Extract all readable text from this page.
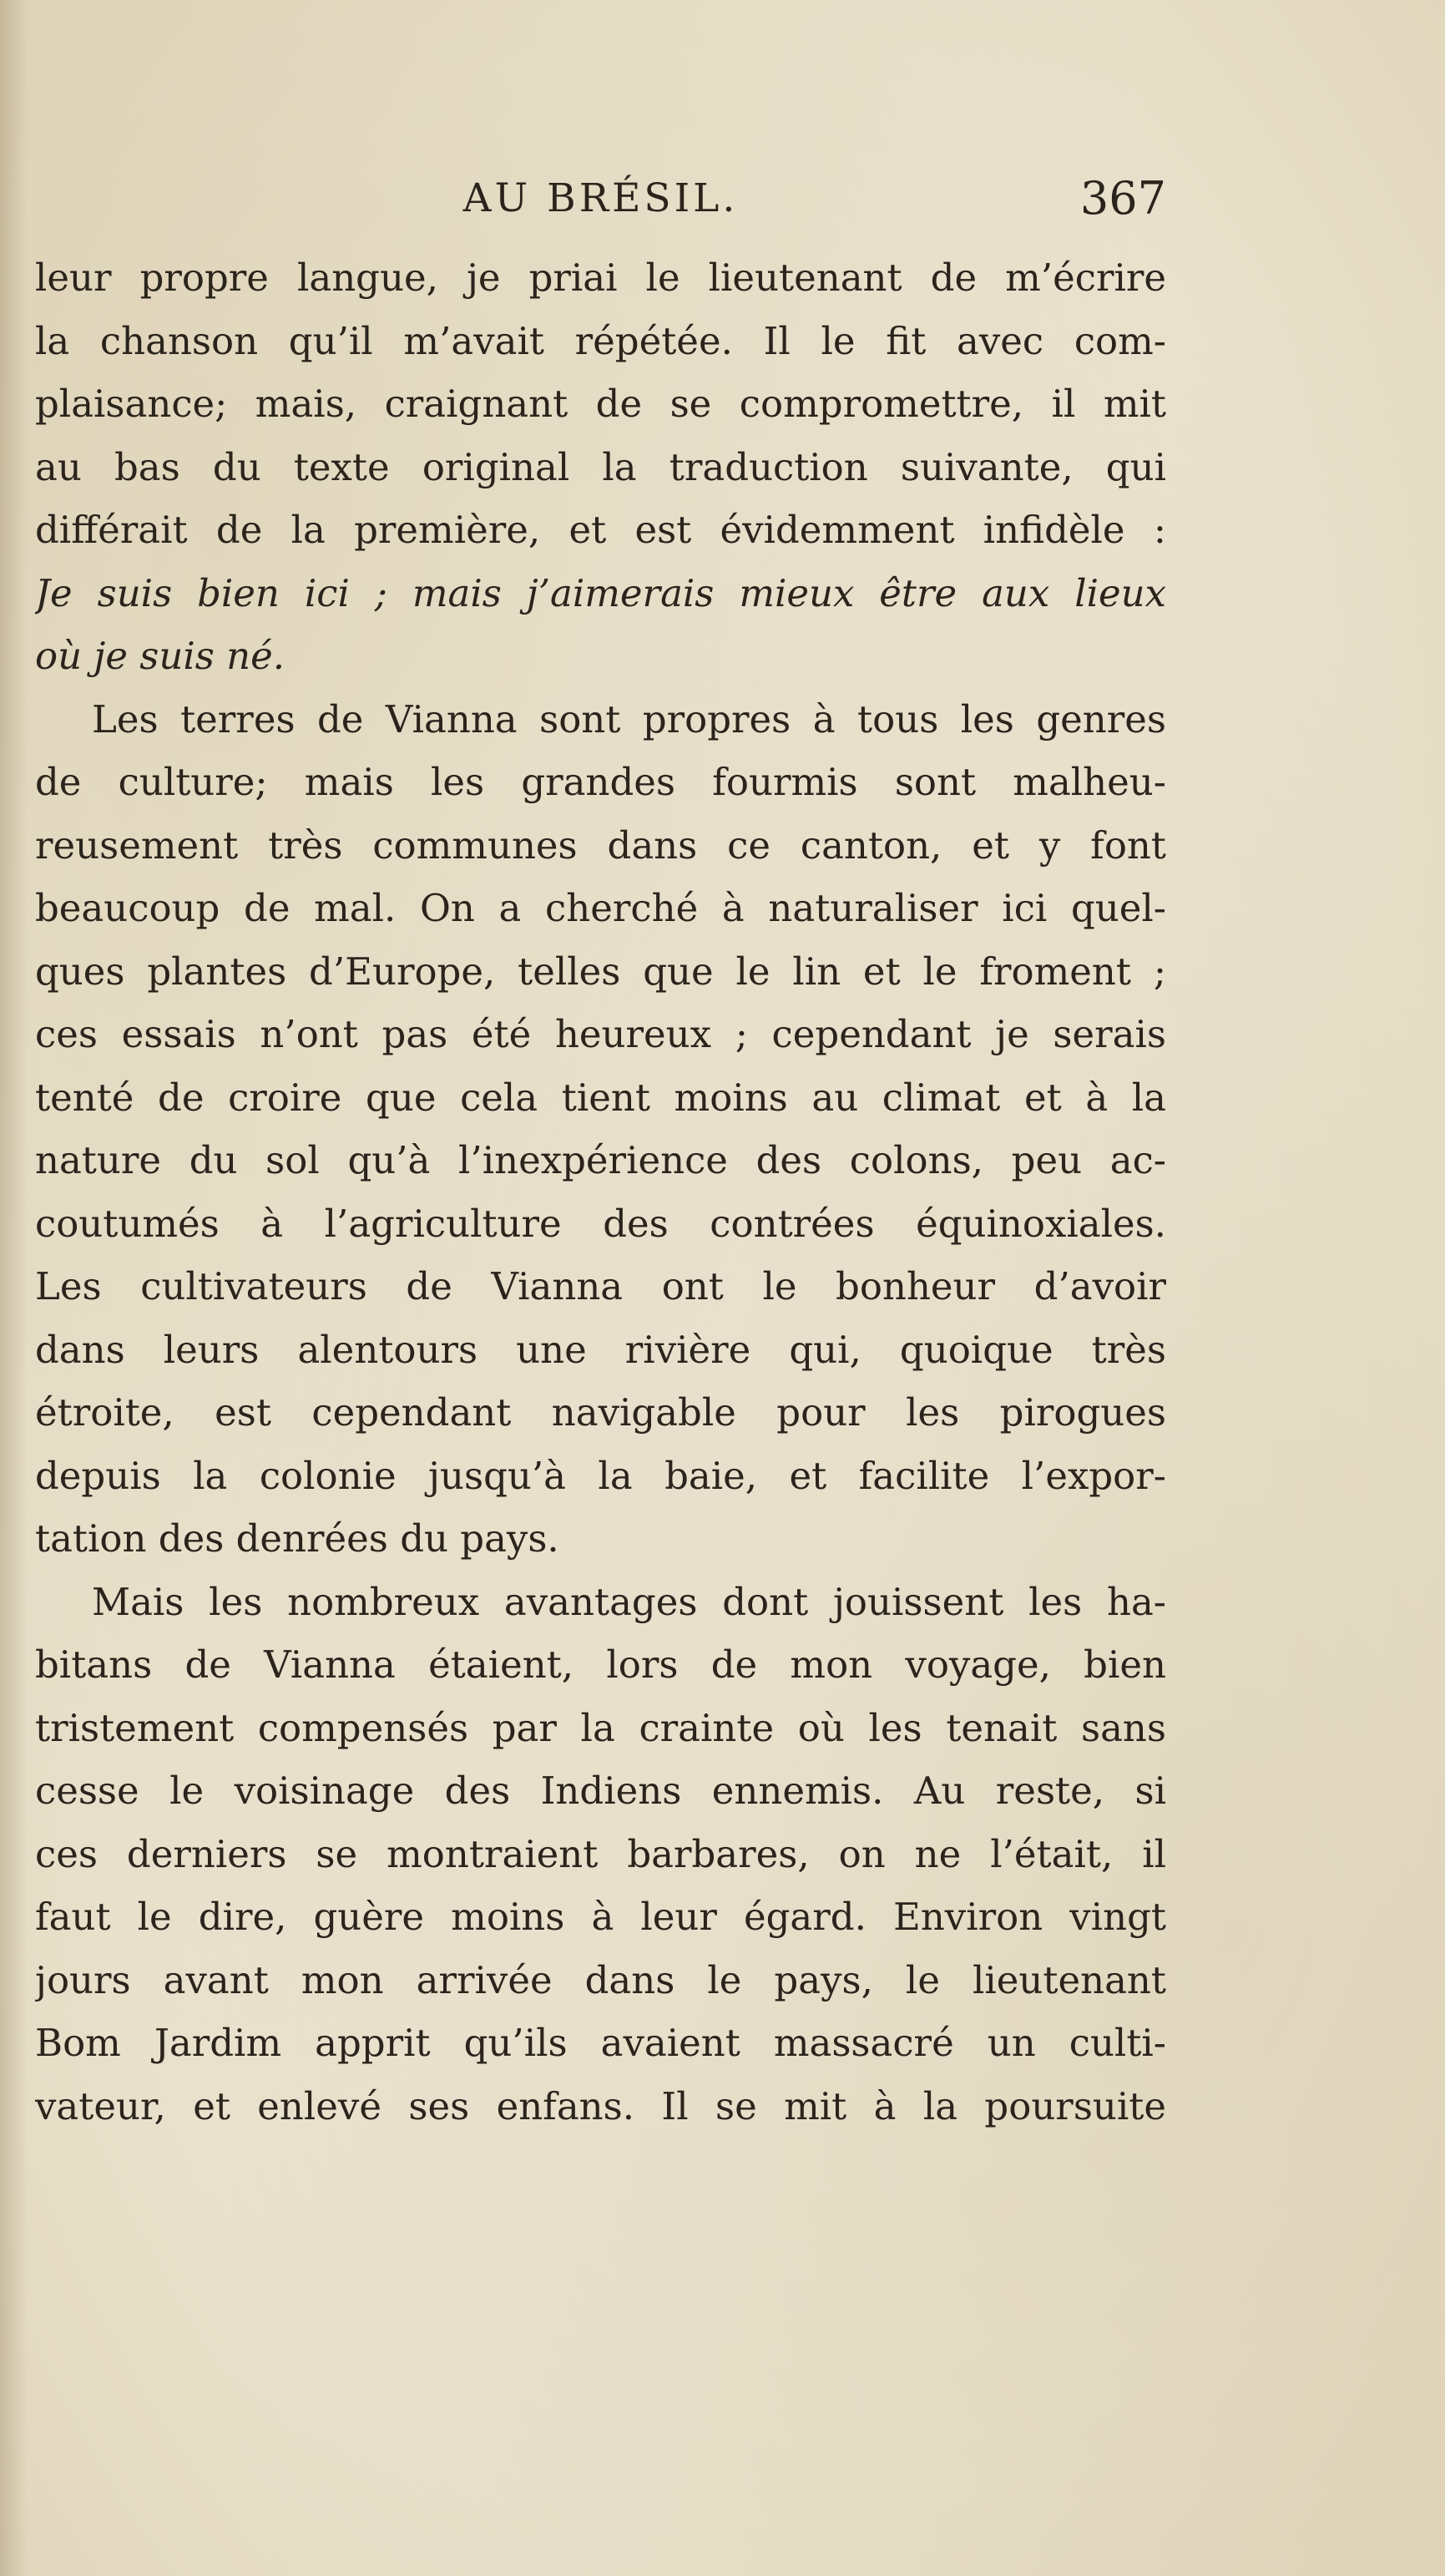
AU BRÉSIL.	367
leur propre langue, je priai le lieutenant de m’écrire
la chanson qu’il m’avait répétée. Il le fit avec com-
plaisance; mais, craignant de se compromettre, il mit
au bas du texte original la traduction suivante, qui
différait de la première, et est évidemment infidèle :
Je suis bien ici ; mais j’aimerais mieux être aux lieux
où je suis né.
Les terres de Vianna sont propres à tous les genres
de culture; mais les grandes fourmis sont malheu-
reusement très communes dans ce canton, et y font
beaucoup de mal. On a cherché à naturaliser ici quel-
ques plantes d’Europe, telles que le lin et le froment ;
ces essais n’ont pas été heureux ; cependant je serais
tenté de croire que cela tient moins au climat et à la
nature du sol qu’à l’inexpérience des colons, peu ac-
coutumés à l’agriculture des contrées équinoxiales.
Les cultivateurs de Vianna ont le bonheur d’avoir
dans leurs alentours une rivière qui, quoique très
étroite, est cependant navigable pour les pirogues
depuis la colonie jusqu’à la baie, et facilite l’expor-
tation des denrées du pays.
Mais les nombreux avantages dont jouissent les ha-
bitans de Vianna étaient, lors de mon voyage, bien
tristement compensés par la crainte où les tenait sans
cesse le voisinage des Indiens ennemis. Au reste, si
ces derniers se montraient barbares, on ne l’était, il
faut le dire, guère moins à leur égard. Environ vingt
jours avant mon arrivée dans le pays, le lieutenant
Bom Jardim apprit qu’ils avaient massacré un culti-
vateur, et enlevé ses enfans. Il se mit à la poursuite
